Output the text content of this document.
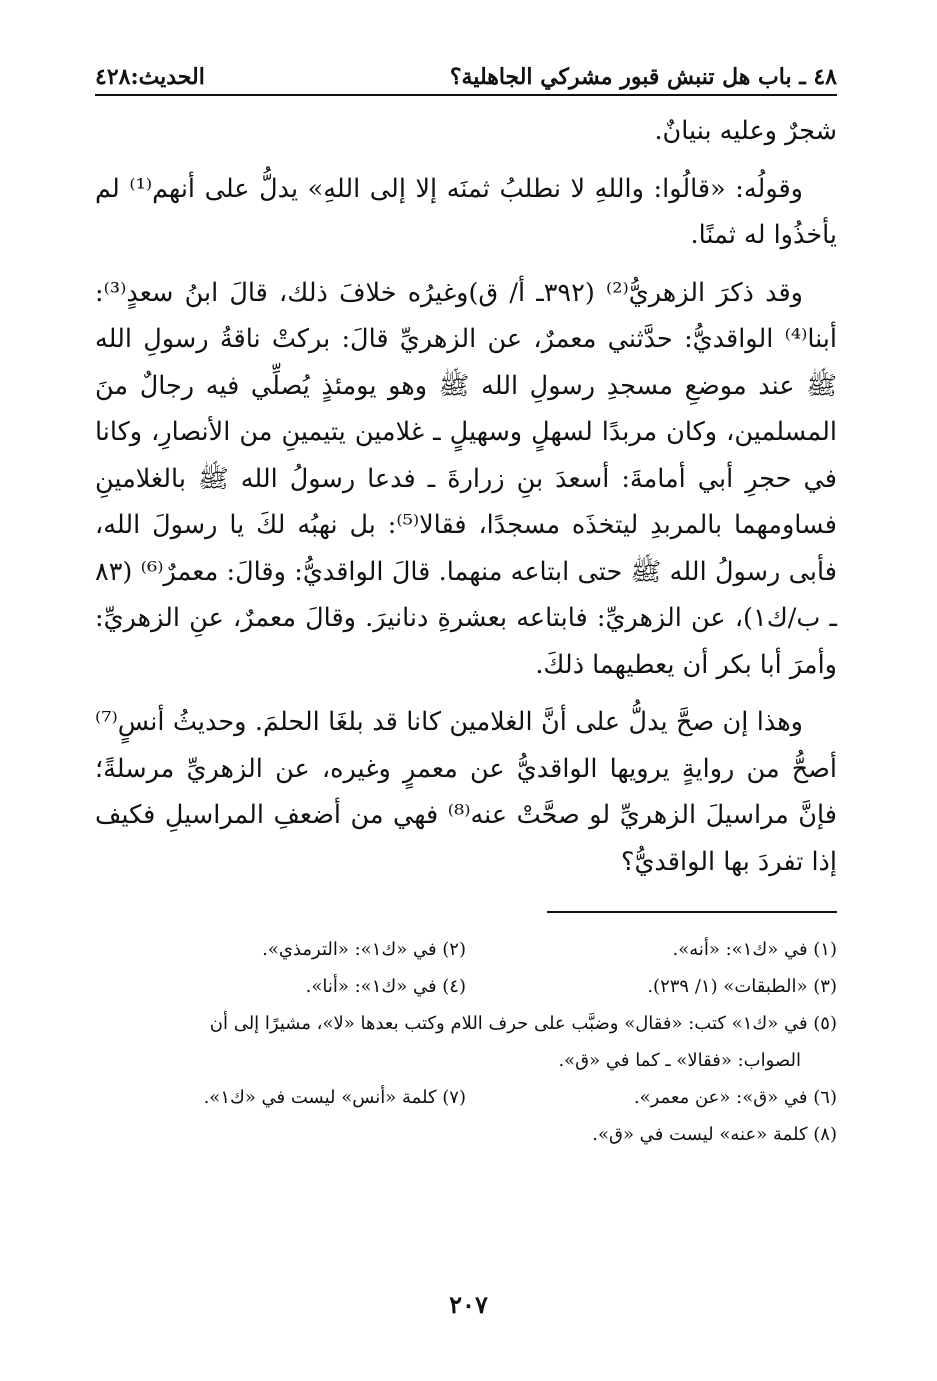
٤٨ ـ باب هل تنبش قبور مشركي الجاهلية؟
الحديث:٤٢٨

شجرٌ وعليه بنيانٌ.

وقولُه: «قالُوا: واللهِ لا نطلبُ ثمنَه إلا إلى اللهِ» يدلُّ على أنهم⁽¹⁾ لم يأخذُوا له ثمنًا.

وقد ذكرَ الزهريُّ⁽²⁾ (٣٩٢ـ أ/ ق)وغيرُه خلافَ ذلك، قالَ ابنُ سعدٍ⁽³⁾: أبنا⁽⁴⁾ الواقديُّ: حدَّثني معمرٌ، عن الزهريِّ قالَ: بركتْ ناقةُ رسولِ الله ﷺ عند موضعِ مسجدِ رسولِ الله ﷺ وهو يومئذٍ يُصلِّي فيه رجالٌ منَ المسلمين، وكان مربدًا لسهلٍ وسهيلٍ ـ غلامين يتيمينِ من الأنصارِ، وكانا في حجرِ أبي أمامةَ: أسعدَ بنِ زرارةَ ـ فدعا رسولُ الله ﷺ بالغلامينِ فساومهما بالمربدِ ليتخذَه مسجدًا، فقالا⁽⁵⁾: بل نهبُه لكَ يا رسولَ الله، فأبى رسولُ الله ﷺ حتى ابتاعه منهما. قالَ الواقديُّ: وقالَ: معمرٌ⁽⁶⁾ (٨٣ ـ ب/ك١)، عن الزهريِّ: فابتاعه بعشرةِ دنانيرَ. وقالَ معمرٌ، عنِ الزهريِّ: وأمرَ أبا بكر أن يعطيهما ذلكَ.

وهذا إن صحَّ يدلُّ على أنَّ الغلامين كانا قد بلغَا الحلمَ. وحديثُ أنسٍ⁽⁷⁾ أصحُّ من روايةٍ يرويها الواقديُّ عن معمرٍ وغيره، عن الزهريِّ مرسلةً؛ فإنَّ مراسيلَ الزهريِّ لو صحَّتْ عنه⁽⁸⁾ فهي من أضعفِ المراسيلِ فكيف إذا تفردَ بها الواقديُّ؟

(١) في «ك١»: «أنه».
(٢) في «ك١»: «الترمذي».
(٣) «الطبقات» (١/ ٢٣٩).
(٤) في «ك١»: «أنا».
(٥) في «ك١» كتب: «فقال» وضبَّب على حرف اللام وكتب بعدها «لا»، مشيرًا إلى أن
الصواب: «فقالا» ـ كما في «ق».
(٦) في «ق»: «عن معمر».
(٧) كلمة «أنس» ليست في «ك١».
(٨) كلمة «عنه» ليست في «ق».
٢٠٧
